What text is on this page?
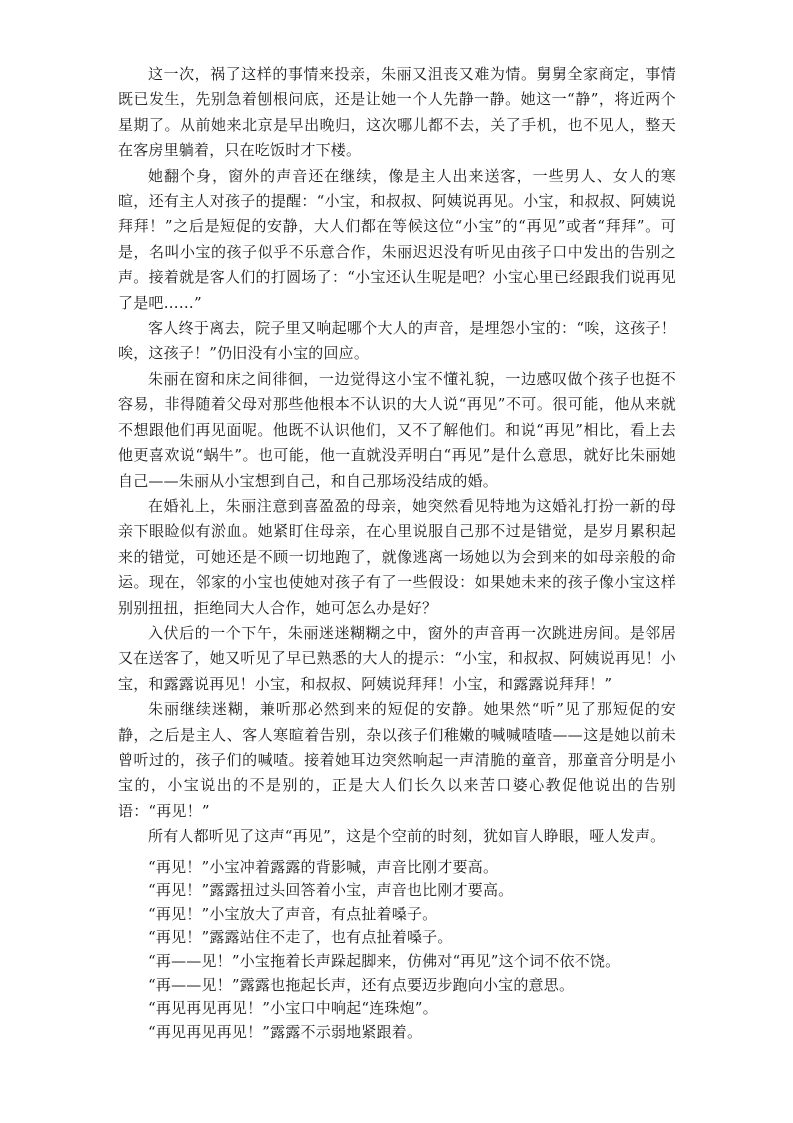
这一次，祸了这样的事情来投亲，朱丽又沮丧又难为情。舅舅全家商定，事情既已发生，先别急着刨根问底，还是让她一个人先静一静。她这一“静”，将近两个星期了。从前她来北京是早出晚归，这次哪儿都不去，关了手机，也不见人，整天在客房里躺着，只在吃饭时才下楼。

她翻个身，窗外的声音还在继续，像是主人出来送客，一些男人、女人的寒暄，还有主人对孩子的提醒：“小宝，和叔叔、阿姨说再见。小宝，和叔叔、阿姨说拜拜！”之后是短促的安静，大人们都在等候这位“小宝”的“再见”或者“拜拜”。可是，名叫小宝的孩子似乎不乐意合作，朱丽迟迟没有听见由孩子口中发出的告别之声。接着就是客人们的打圆场了：“小宝还认生呢是吧？小宝心里已经跟我们说再见了是吧……”

客人终于离去，院子里又响起哪个大人的声音，是埋怨小宝的：“唉，这孩子！唉，这孩子！”仍旧没有小宝的回应。

朱丽在窗和床之间徘徊，一边觉得这小宝不懂礼貌，一边感叹做个孩子也挺不容易，非得随着父母对那些他根本不认识的大人说“再见”不可。很可能，他从来就不想跟他们再见面呢。他既不认识他们，又不了解他们。和说“再见”相比，看上去他更喜欢说“蜗牛”。也可能，他一直就没弄明白“再见”是什么意思，就好比朱丽她自己——朱丽从小宝想到自己，和自己那场没结成的婚。

在婚礼上，朱丽注意到喜盈盈的母亲，她突然看见特地为这婚礼打扮一新的母亲下眼睑似有淤血。她紧盯住母亲，在心里说服自己那不过是错觉，是岁月累积起来的错觉，可她还是不顾一切地跑了，就像逃离一场她以为会到来的如母亲般的命运。现在，邻家的小宝也使她对孩子有了一些假设：如果她未来的孩子像小宝这样别别扭扭，拒绝同大人合作，她可怎么办是好？

入伏后的一个下午，朱丽迷迷糊糊之中，窗外的声音再一次跳进房间。是邻居又在送客了，她又听见了早已熟悉的大人的提示：“小宝，和叔叔、阿姨说再见！小宝，和露露说再见！小宝，和叔叔、阿姨说拜拜！小宝，和露露说拜拜！”

朱丽继续迷糊，兼听那必然到来的短促的安静。她果然“听”见了那短促的安静，之后是主人、客人寒暄着告别，杂以孩子们稚嫩的喊喊喳喳——这是她以前未曾听过的，孩子们的喊喳。接着她耳边突然响起一声清脆的童音，那童音分明是小宝的，小宝说出的不是别的，正是大人们长久以来苦口婆心教促他说出的告别语：“再见！”

所有人都听见了这声“再见”，这是个空前的时刻，犹如盲人睁眼，哑人发声。

“再见！”小宝冲着露露的背影喊，声音比刚才要高。

“再见！”露露扭过头回答着小宝，声音也比刚才要高。

“再见！”小宝放大了声音，有点扯着嗓子。

“再见！”露露站住不走了，也有点扯着嗓子。

“再——见！”小宝拖着长声跺起脚来，仿佛对“再见”这个词不依不饶。

“再——见！”露露也拖起长声，还有点要迈步跑向小宝的意思。

“再见再见再见！”小宝口中响起“连珠炮”。

“再见再见再见！”露露不示弱地紧跟着。
